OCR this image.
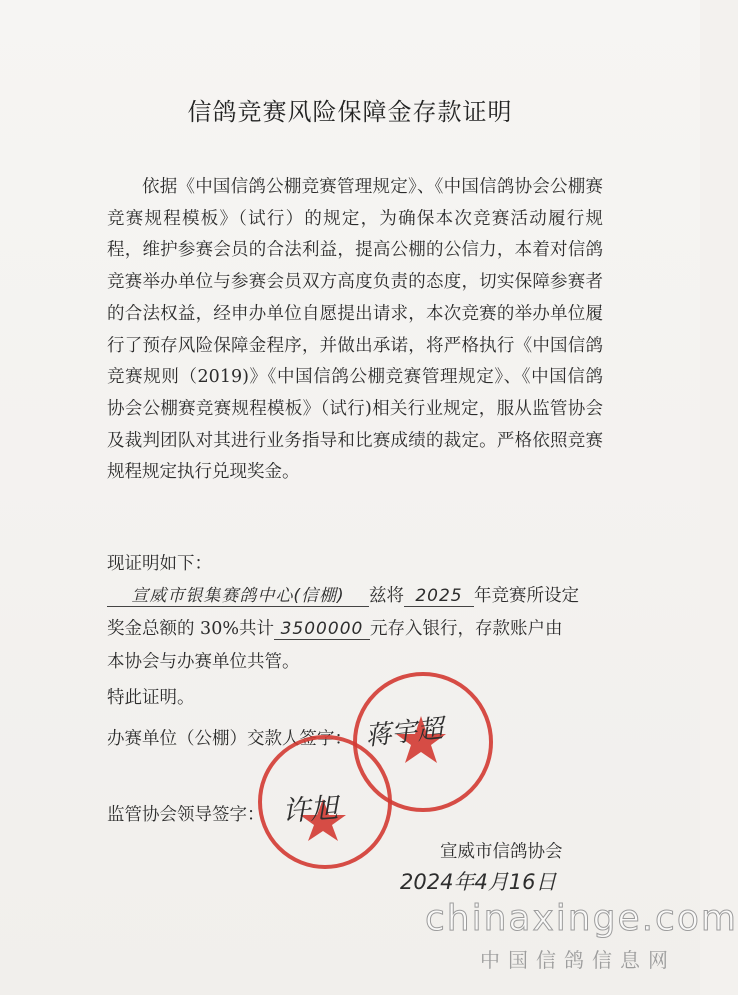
信鸽竞赛风险保障金存款证明
依据《中国信鸽公棚竞赛管理规定》、《中国信鸽协会公棚赛竞赛规程模板》（试行）的规定，为确保本次竞赛活动履行规程，维护参赛会员的合法利益，提高公棚的公信力，本着对信鸽竞赛举办单位与参赛会员双方高度负责的态度，切实保障参赛者的合法权益，经申办单位自愿提出请求，本次竞赛的举办单位履行了预存风险保障金程序，并做出承诺，将严格执行《中国信鸽竞赛规则（2019)》《中国信鸽公棚竞赛管理规定》、《中国信鸽协会公棚赛竞赛规程模板》（试行)相关行业规定，服从监管协会及裁判团队对其进行业务指导和比赛成绩的裁定。严格依照竞赛规程规定执行兑现奖金。
现证明如下：
宣威市银集赛鸽中心(信棚) 兹将 2025 年竞赛所设定
奖金总额的 30%共计 3500000 元存入银行，存款账户由
本协会与办赛单位共管。
特此证明。
办赛单位（公棚）交款人签字：
监管协会领导签字：
宣威市信鸽协会
2024年4月16日
蒋宇超
许旭
chinaxinge.com
中国信鸽信息网
